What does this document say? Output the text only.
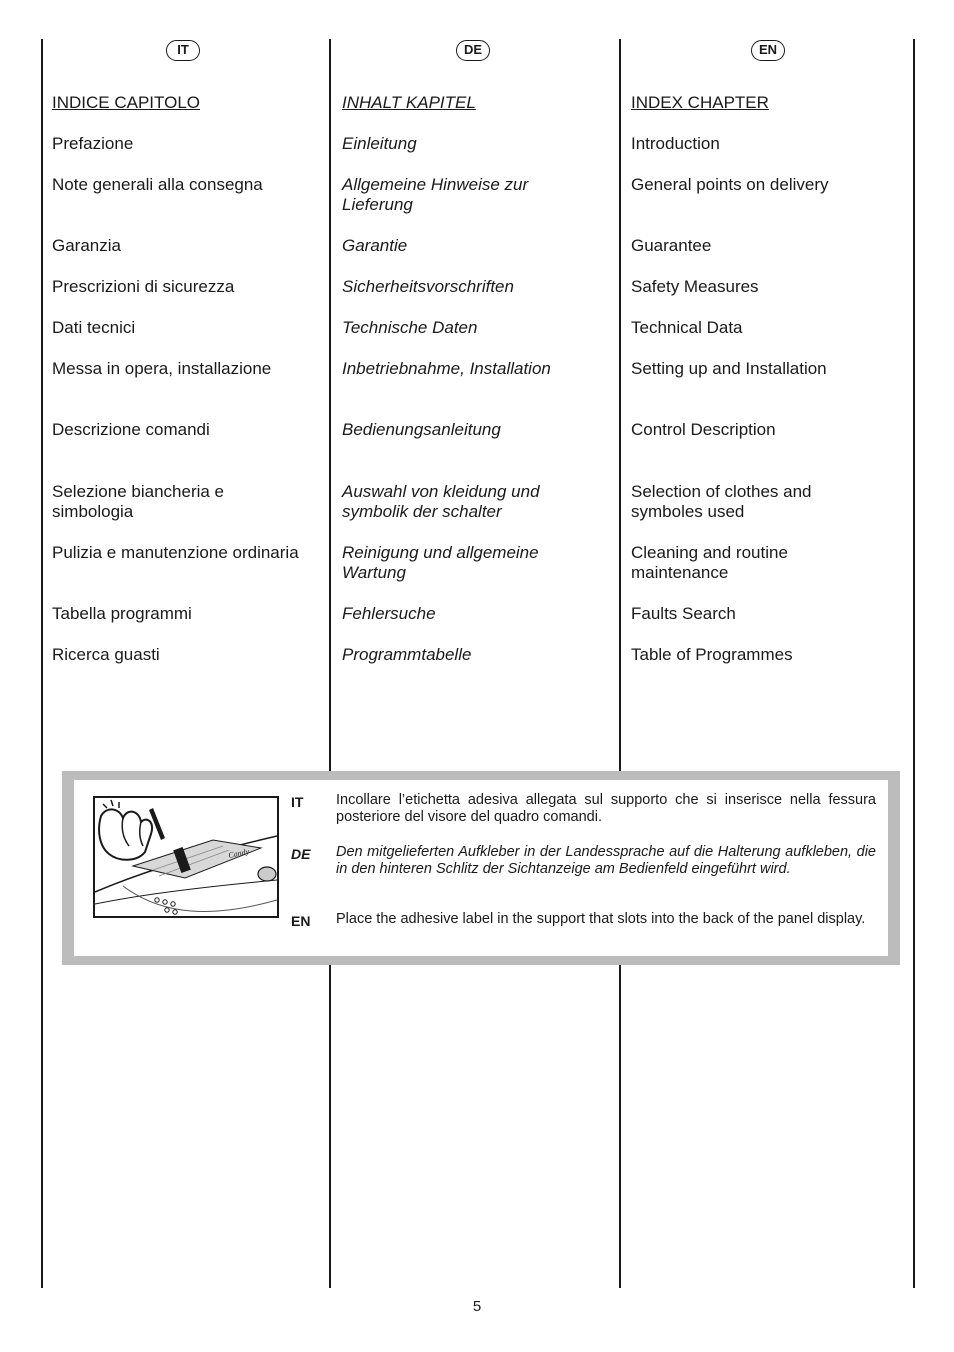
IT

INDICE CAPITOLO

Prefazione

Note generali alla consegna

Garanzia

Prescrizioni di sicurezza

Dati tecnici

Messa in opera, installazione

Descrizione comandi

Selezione biancheria e simbologia

Pulizia e manutenzione ordinaria

Tabella programmi

Ricerca guasti

DE

INHALT KAPITEL

Einleitung

Allgemeine Hinweise zur Lieferung

Garantie

Sicherheitsvorschriften

Technische Daten

Inbetriebnahme, Installation

Bedienungsanleitung

Auswahl von kleidung und symbolik der schalter

Reinigung und allgemeine Wartung

Fehlersuche

Programmtabelle

EN

INDEX CHAPTER

Introduction

General points on delivery

Guarantee

Safety Measures

Technical Data

Setting up and Installation

Control Description

Selection of clothes and symboles used

Cleaning and routine maintenance

Faults Search

Table of Programmes

Candy
IT Incollare l’etichetta adesiva allegata sul supporto che si inserisce nella fessura posteriore del visore del quadro comandi.

DE Den mitgelieferten Aufkleber in der Landessprache auf die Halterung aufkleben, die in den hinteren Schlitz der Sichtanzeige am Bedienfeld eingeführt wird.

EN Place the adhesive label in the support that slots into the back of the panel display.

5
